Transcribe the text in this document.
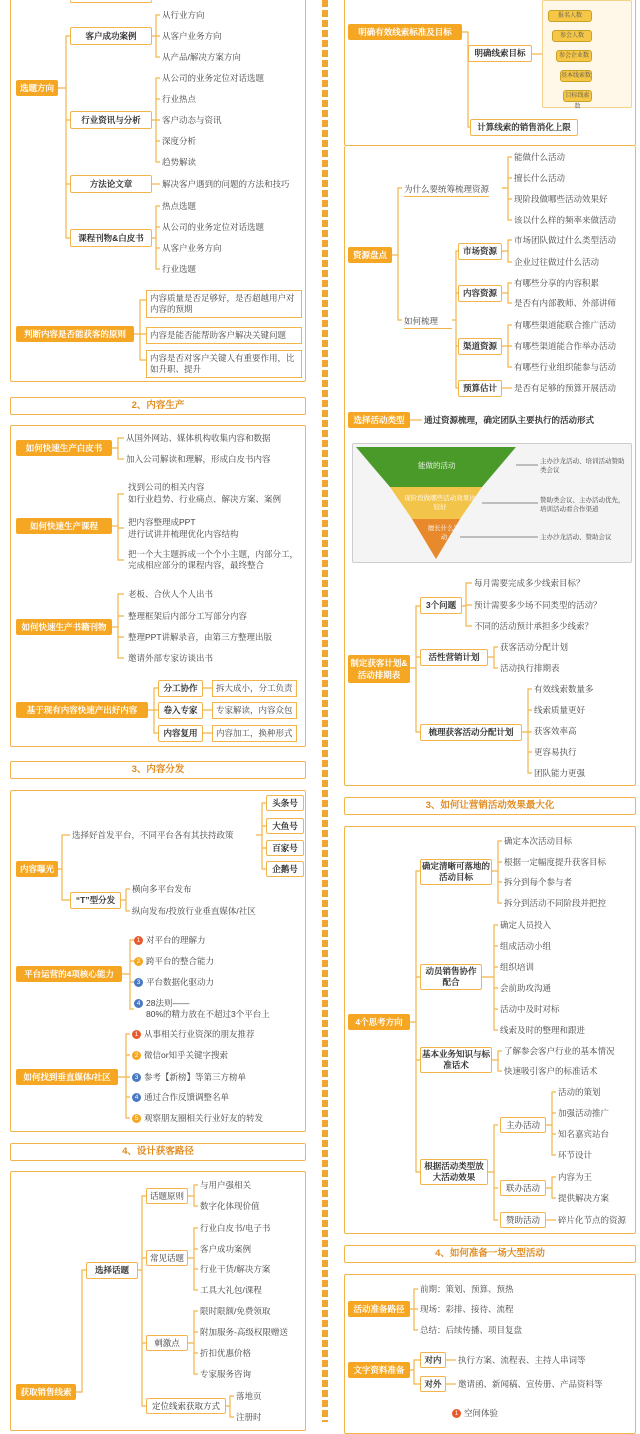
选题方向
客户成功案例
从行业方向
从客户业务方向
从产品/解决方案方向
行业资讯与分析
从公司的业务定位对话选题
行业热点
客户动态与资讯
深度分析
趋势解读
方法论文章	解决客户遇到的问题的方法和技巧
课程刊物&白皮书
热点选题
从公司的业务定位对话选题
从客户业务方向
行业选题
判断内容是否能获客的原则
内容质量是否足够好，是否超越用户对内容的预期
内容是能否能帮助客户解决关键问题
内容是否对客户关键人有重要作用，比如升职、提升
2、内容生产
如何快速生产白皮书
从国外网站、媒体机构收集内容和数据
加入公司解读和理解，形成白皮书内容
如何快速生产课程
找到公司的相关内容
如行业趋势、行业痛点、解决方案、案例
把内容整理成PPT
进行试讲并梳理优化内容结构
把一个大主题拆成一个个小主题，内部分工，完成相应部分的课程内容，最终整合
如何快速生产书籍刊物
老板、合伙人个人出书
整理框架后内部分工写部分内容
整理PPT讲解录音，由第三方整理出版
邀请外部专家访谈出书
基于现有内容快速产出好内容
分工协作
卷入专家
内容复用
拆大成小，分工负责
专家解读，内容众包
内容加工，换种形式
3、内容分发
内容曝光
选择好首发平台，不同平台各有其扶持政策
头条号
大鱼号
百家号
企鹅号
“T”型分发
横向多平台发布
纵向发布/投放行业垂直媒体/社区
平台运营的4项核心能力
1 对平台的理解力
2 跨平台的整合能力
3 平台数据化驱动力
4 28法则——
80%的精力放在不超过3个平台上
如何找到垂直媒体/社区
1 从事相关行业资深的朋友推荐
2 微信or知乎关键字搜索
3 参考【新榜】等第三方榜单
4 通过合作反馈调整名单
5 观察朋友圈相关行业好友的转发
4、设计获客路径
获取销售线索
选择话题
话题原则
与用户强相关
数字化体现价值
常见话题
行业白皮书/电子书
客户成功案例
行业干货/解决方案
工具大礼包/课程
刺激点
限时限额/免费领取
附加服务-高级权限赠送
折扣优惠价格
专家服务咨询
定位线索获取方式
落地页
注册时
明确有效线索标准及目标
明确线索目标
报名人数
参会人数
参会企业数
基本线索数
目标线索数
计算线索的销售消化上限
资源盘点
为什么要统筹梳理资源
能做什么活动
擅长什么活动
现阶段做哪些活动效果好
该以什么样的频率来做活动
如何梳理
市场资源
市场团队做过什么类型活动
企业过往做过什么活动
内容资源
有哪些分享的内容积累
是否有内部教师、外部讲师
渠道资源
有哪些渠道能联合推广活动
有哪些渠道能合作举办活动
有哪些行业组织能参与活动
预算估计	是否有足够的预算开展活动
选择活动类型	通过资源梳理，确定团队主要执行的活动形式
能做的活动
现阶段做哪些活动效果比较好
擅长什么活动
主办沙龙活动、培训活动赞助类会议
赞助类会议、主办活动优先，培训活动看合作渠道
主办沙龙活动、赞助会议
制定获客计划&活动排期表
3个问题
每月需要完成多少线索目标？
预计需要多少场不同类型的活动？
不同的活动预计承担多少线索？
活性营销计划
获客活动分配计划
活动执行排期表
梳理获客活动分配计划
有效线索数量多
线索质量更好
获客效率高
更容易执行
团队能力更强
3、如何让营销活动效果最大化
4个思考方向
确定清晰可落地的活动目标
确定本次活动目标
根据一定幅度提升获客目标
拆分到每个参与者
拆分到活动不同阶段并把控
动员销售协作配合
确定人员投入
组成活动小组
组织培训
会前助攻沟通
活动中及时对标
线索及时的整理和跟进
基本业务知识与标准话术
了解参会客户行业的基本情况
快速吸引客户的标准话术
根据活动类型放大活动效果
主办活动
活动的策划
加强活动推广
知名嘉宾站台
环节设计
联办活动
内容为王
提供解决方案
赞助活动	碎片化节点的资源
4、如何准备一场大型活动
活动准备路径
前期：策划、预算、预热
现场：彩排、接待、流程
总结：后续传播、项目复盘
文字资料准备
对内	执行方案、流程表、主持人串词等
对外	邀请函、新闻稿、宣传册、产品资料等
1 空间体验
